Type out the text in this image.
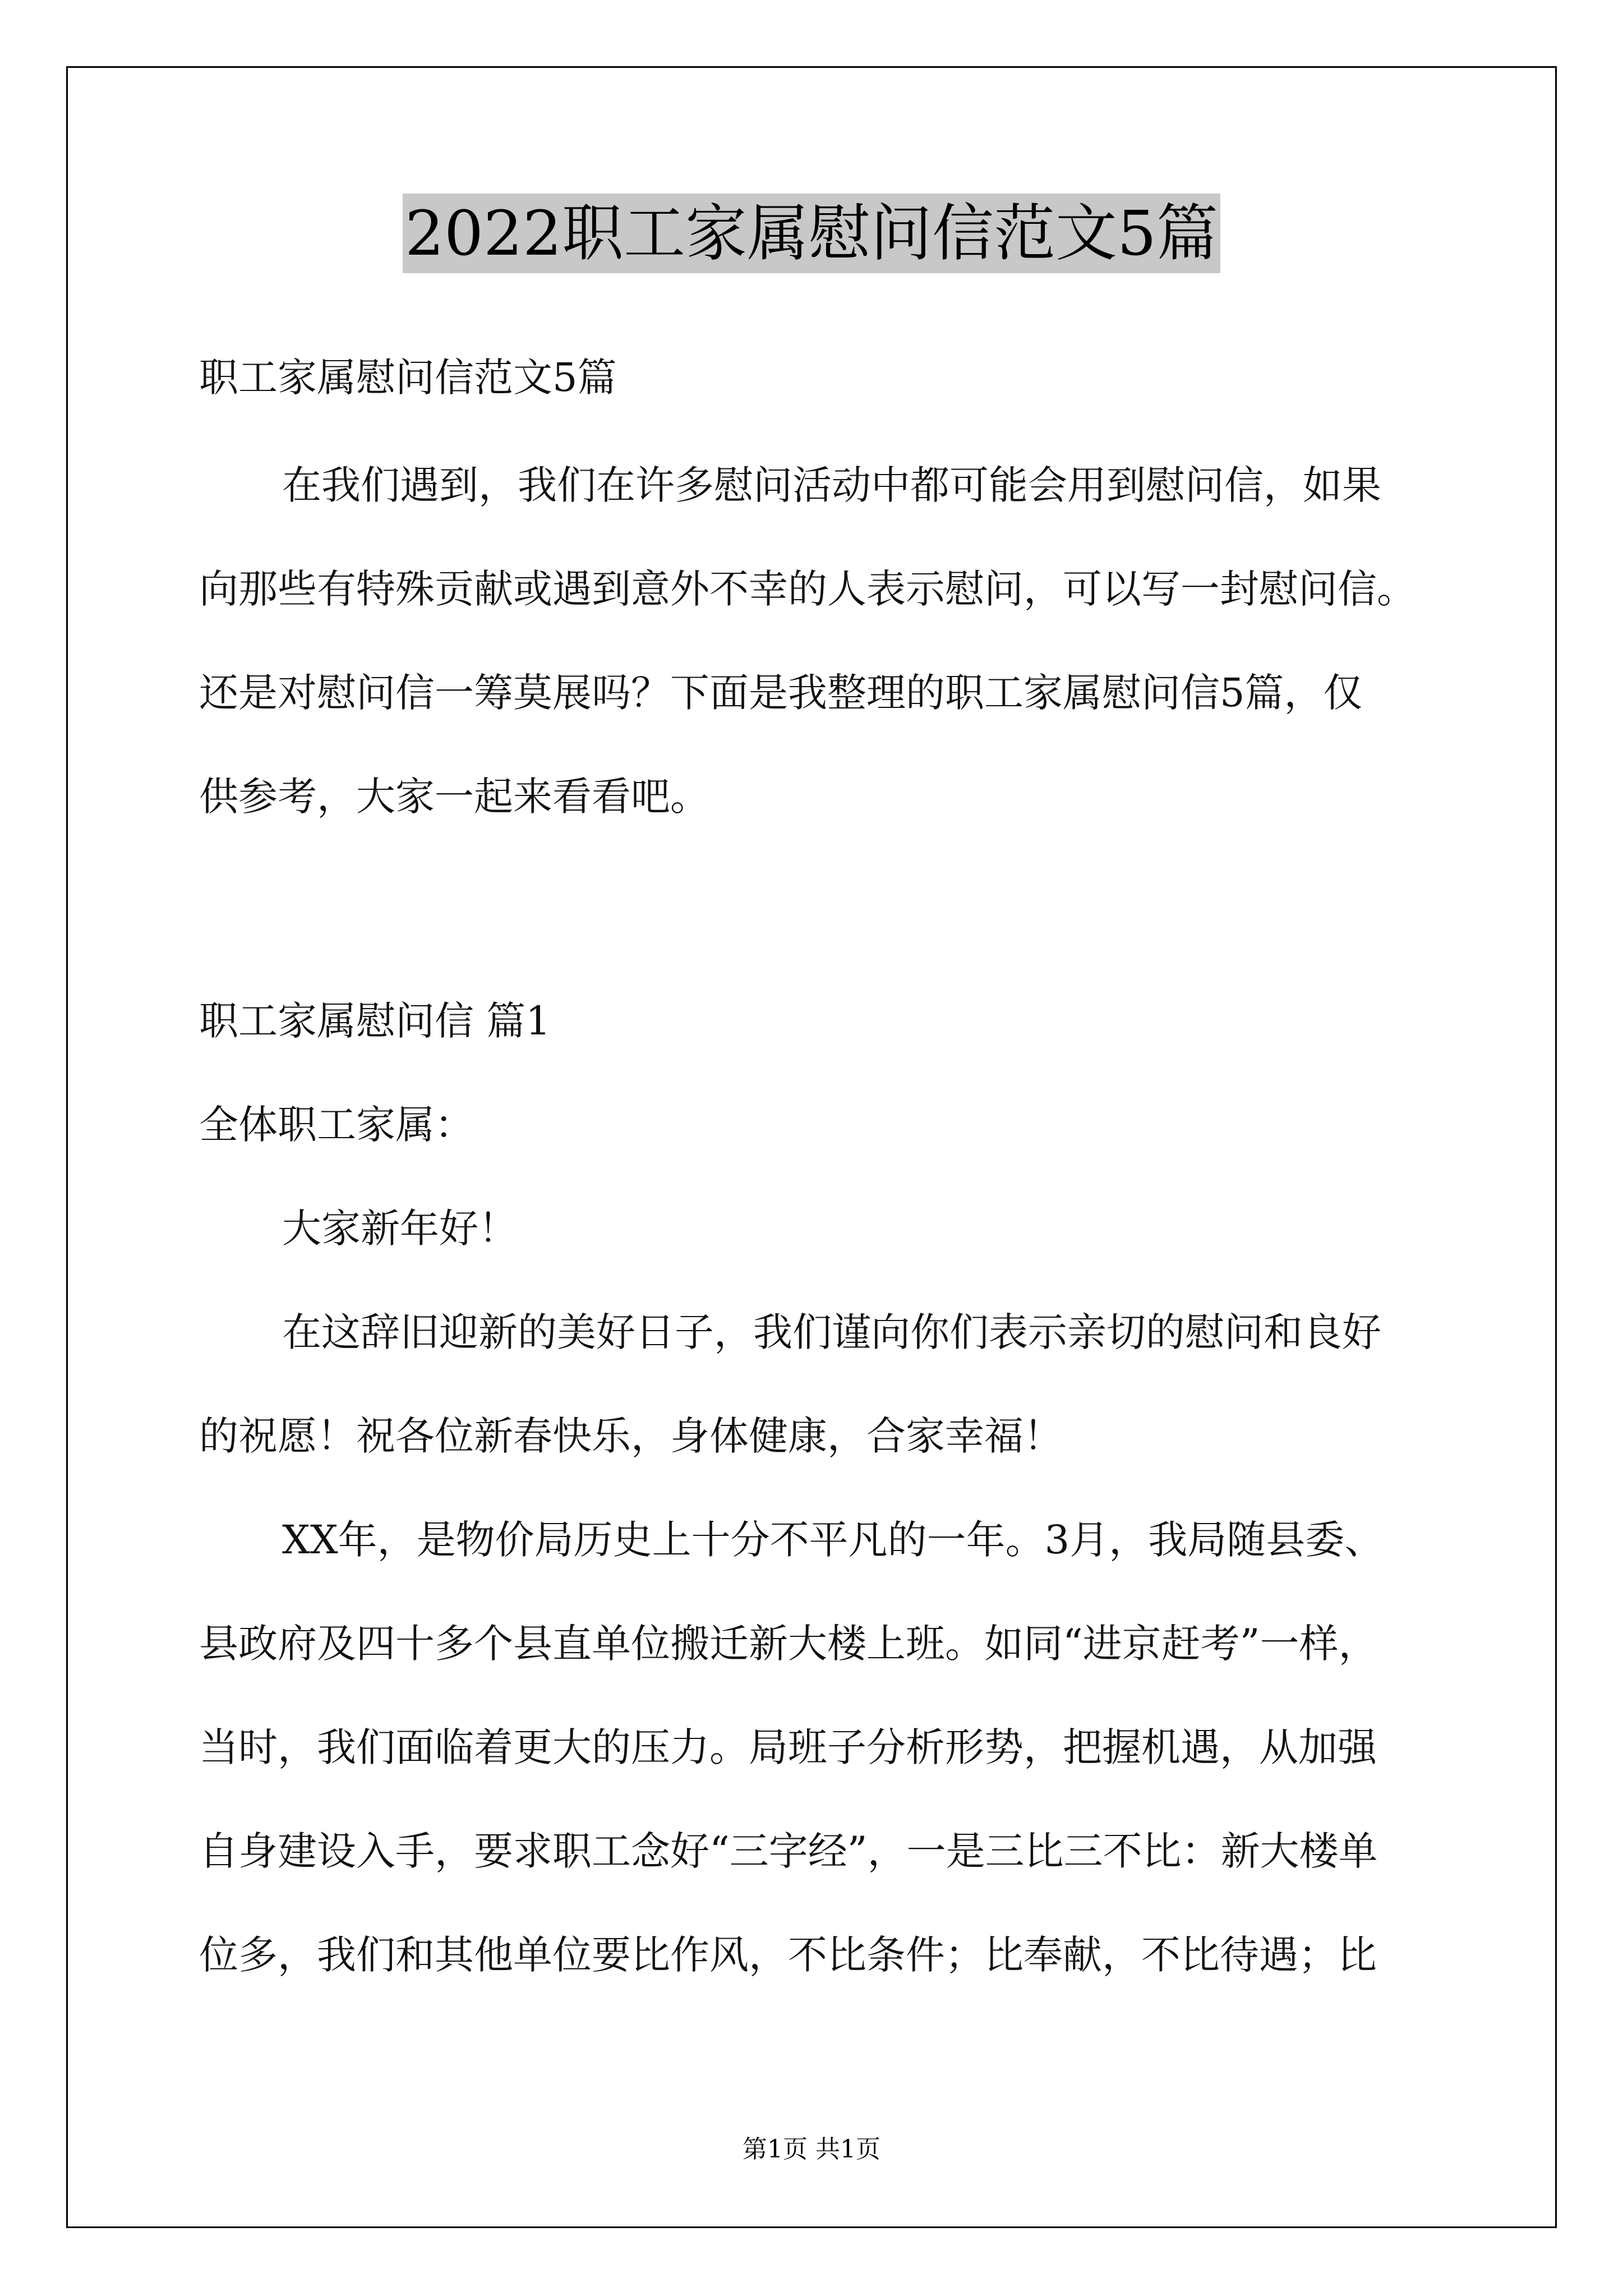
2022职工家属慰问信范文5篇
职工家属慰问信范文5篇
在我们遇到，我们在许多慰问活动中都可能会用到慰问信，如果
向那些有特殊贡献或遇到意外不幸的人表示慰问，可以写一封慰问信。
还是对慰问信一筹莫展吗？下面是我整理的职工家属慰问信5篇，仅
供参考，大家一起来看看吧。
职工家属慰问信 篇1
全体职工家属：
大家新年好！
在这辞旧迎新的美好日子，我们谨向你们表示亲切的慰问和良好
的祝愿！祝各位新春快乐，身体健康，合家幸福！
XX年，是物价局历史上十分不平凡的一年。3月，我局随县委、
县政府及四十多个县直单位搬迁新大楼上班。如同“进京赶考”一样，
当时，我们面临着更大的压力。局班子分析形势，把握机遇，从加强
自身建设入手，要求职工念好“三字经”，一是三比三不比：新大楼单
位多，我们和其他单位要比作风，不比条件；比奉献，不比待遇；比
第1页 共1页
